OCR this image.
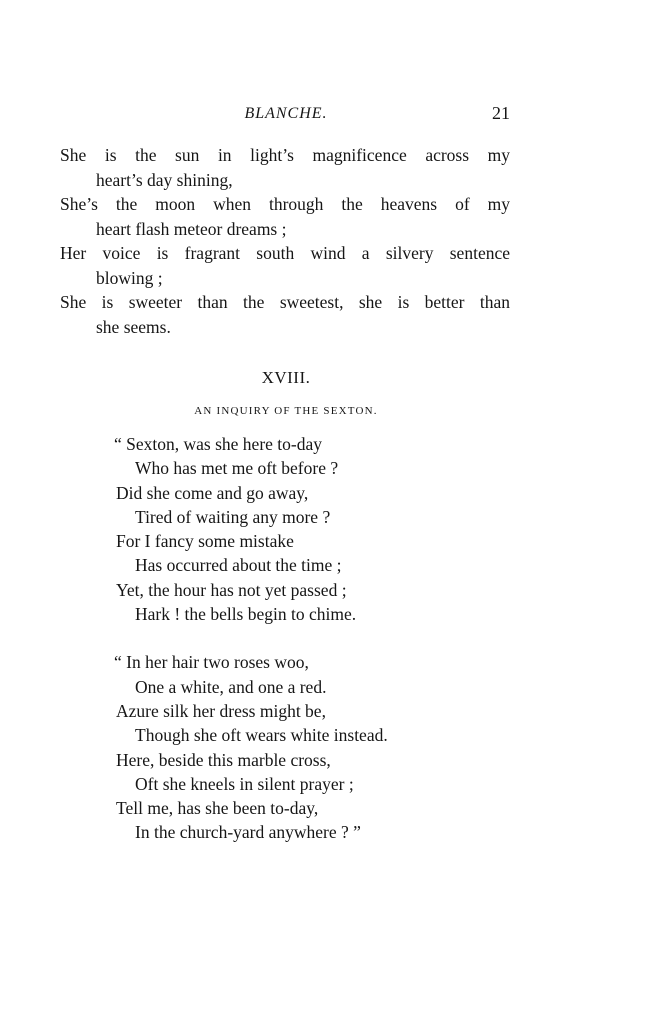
BLANCHE.	21
She is the sun in light’s magnificence across my
heart’s day shining,
She’s the moon when through the heavens of my
heart flash meteor dreams ;
Her voice is fragrant south wind a silvery sentence
blowing ;
She is sweeter than the sweetest, she is better than
she seems.
XVIII.
AN INQUIRY OF THE SEXTON.
“ Sexton, was she here to-day
Who has met me oft before ?
Did she come and go away,
Tired of waiting any more ?
For I fancy some mistake
Has occurred about the time ;
Yet, the hour has not yet passed ;
Hark ! the bells begin to chime.
“ In her hair two roses woo,
One a white, and one a red.
Azure silk her dress might be,
Though she oft wears white instead.
Here, beside this marble cross,
Oft she kneels in silent prayer ;
Tell me, has she been to-day,
In the church-yard anywhere ? ”
